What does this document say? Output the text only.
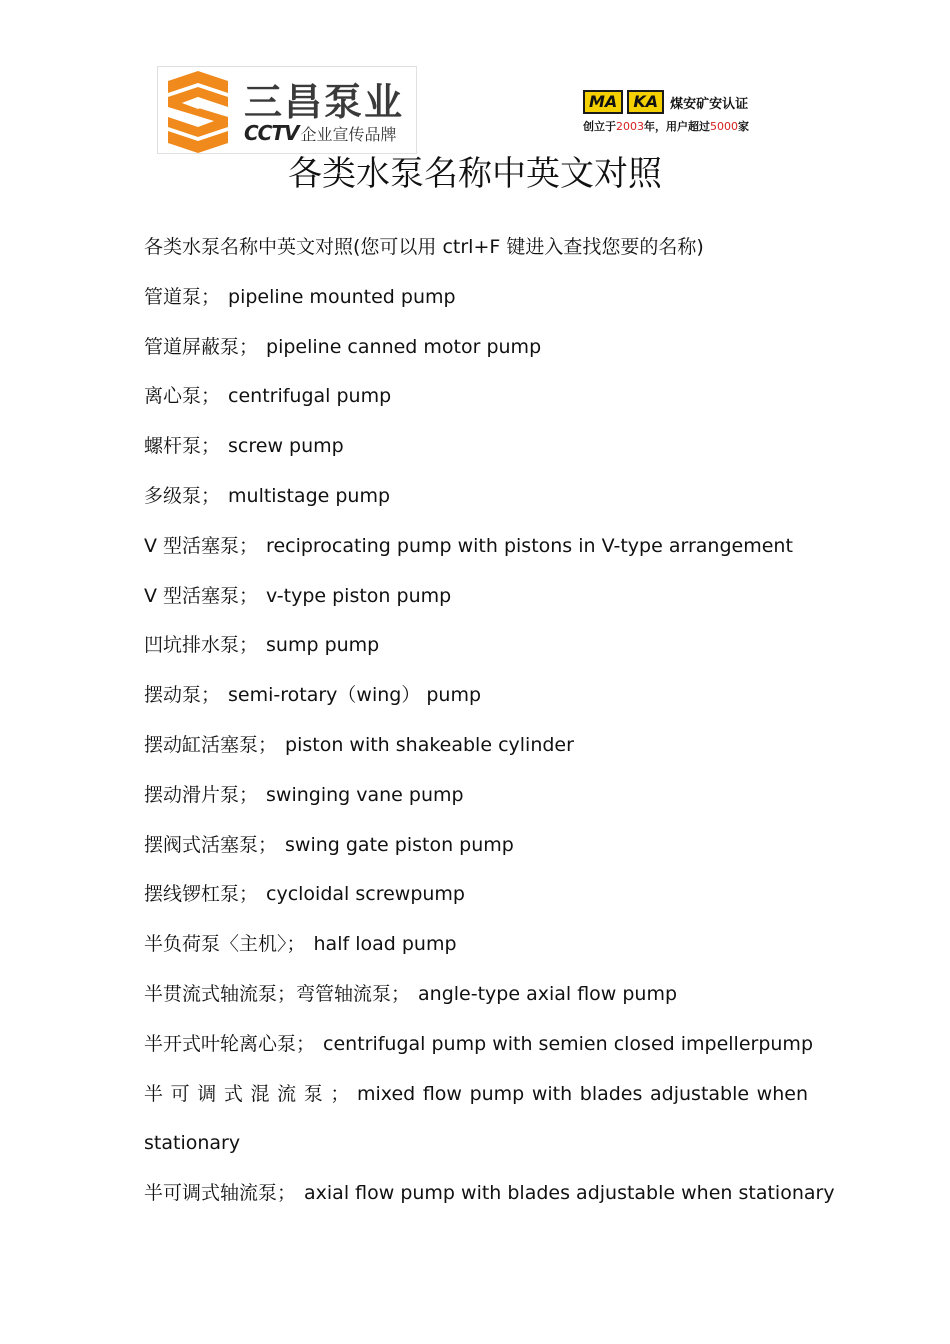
三昌泵业
CCTV 企业宣传品牌
MA	KA 煤安矿安认证
创立于2003年，用户超过5000家
各类水泵名称中英文对照
各类水泵名称中英文对照(您可以用 ctrl+F 键进入查找您要的名称)
管道泵； pipeline mounted pump
管道屏蔽泵； pipeline canned motor pump
离心泵； centrifugal pump
螺杆泵； screw pump
多级泵； multistage pump
V 型活塞泵； reciprocating pump with pistons in V-type arrangement
V 型活塞泵； v-type piston pump
凹坑排水泵； sump pump
摆动泵； semi-rotary（wing） pump
摆动缸活塞泵； piston with shakeable cylinder
摆动滑片泵； swinging vane pump
摆阀式活塞泵； swing gate piston pump
摆线锣杠泵； cycloidal screwpump
半负荷泵〈主机〉； half load pump
半贯流式轴流泵；弯管轴流泵； angle-type axial flow pump
半开式叶轮离心泵； centrifugal pump with semien closed impellerpump
半 可 调 式 混 流 泵 ； mixed flow pump with blades adjustable when
stationary
半可调式轴流泵； axial flow pump with blades adjustable when stationary
